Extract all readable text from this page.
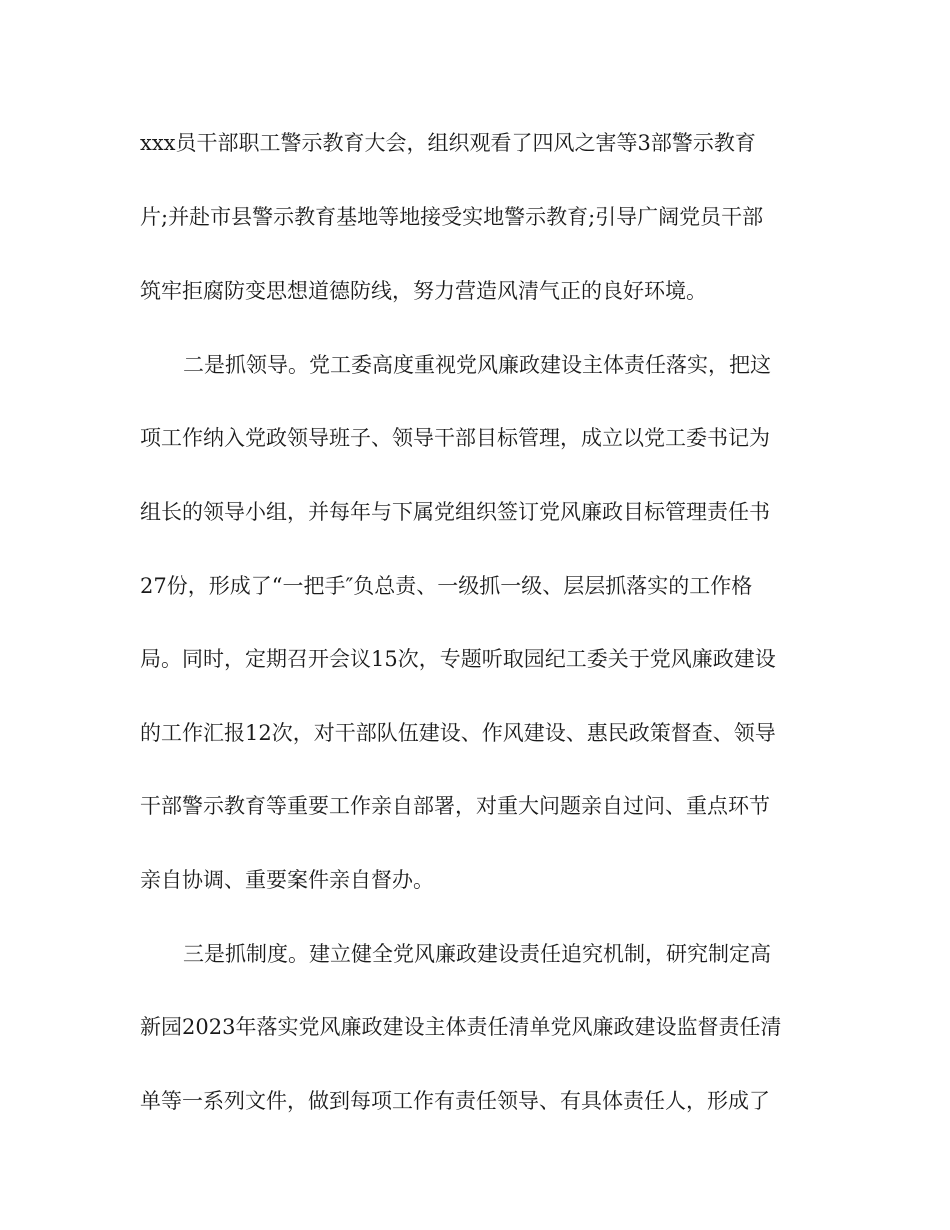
xxx员干部职工警示教育大会，组织观看了四风之害等3部警示教育
片;并赴市县警示教育基地等地接受实地警示教育;引导广阔党员干部
筑牢拒腐防变思想道德防线，努力营造风清气正的良好环境。
二是抓领导。党工委高度重视党风廉政建设主体责任落实，把这
项工作纳入党政领导班子、领导干部目标管理，成立以党工委书记为
组长的领导小组，并每年与下属党组织签订党风廉政目标管理责任书
27份，形成了“一把手″负总责、一级抓一级、层层抓落实的工作格
局。同时，定期召开会议15次，专题听取园纪工委关于党风廉政建设
的工作汇报12次，对干部队伍建设、作风建设、惠民政策督查、领导
干部警示教育等重要工作亲自部署，对重大问题亲自过问、重点环节
亲自协调、重要案件亲自督办。
三是抓制度。建立健全党风廉政建设责任追究机制，研究制定高
新园2023年落实党风廉政建设主体责任清单党风廉政建设监督责任清
单等一系列文件，做到每项工作有责任领导、有具体责任人，形成了
